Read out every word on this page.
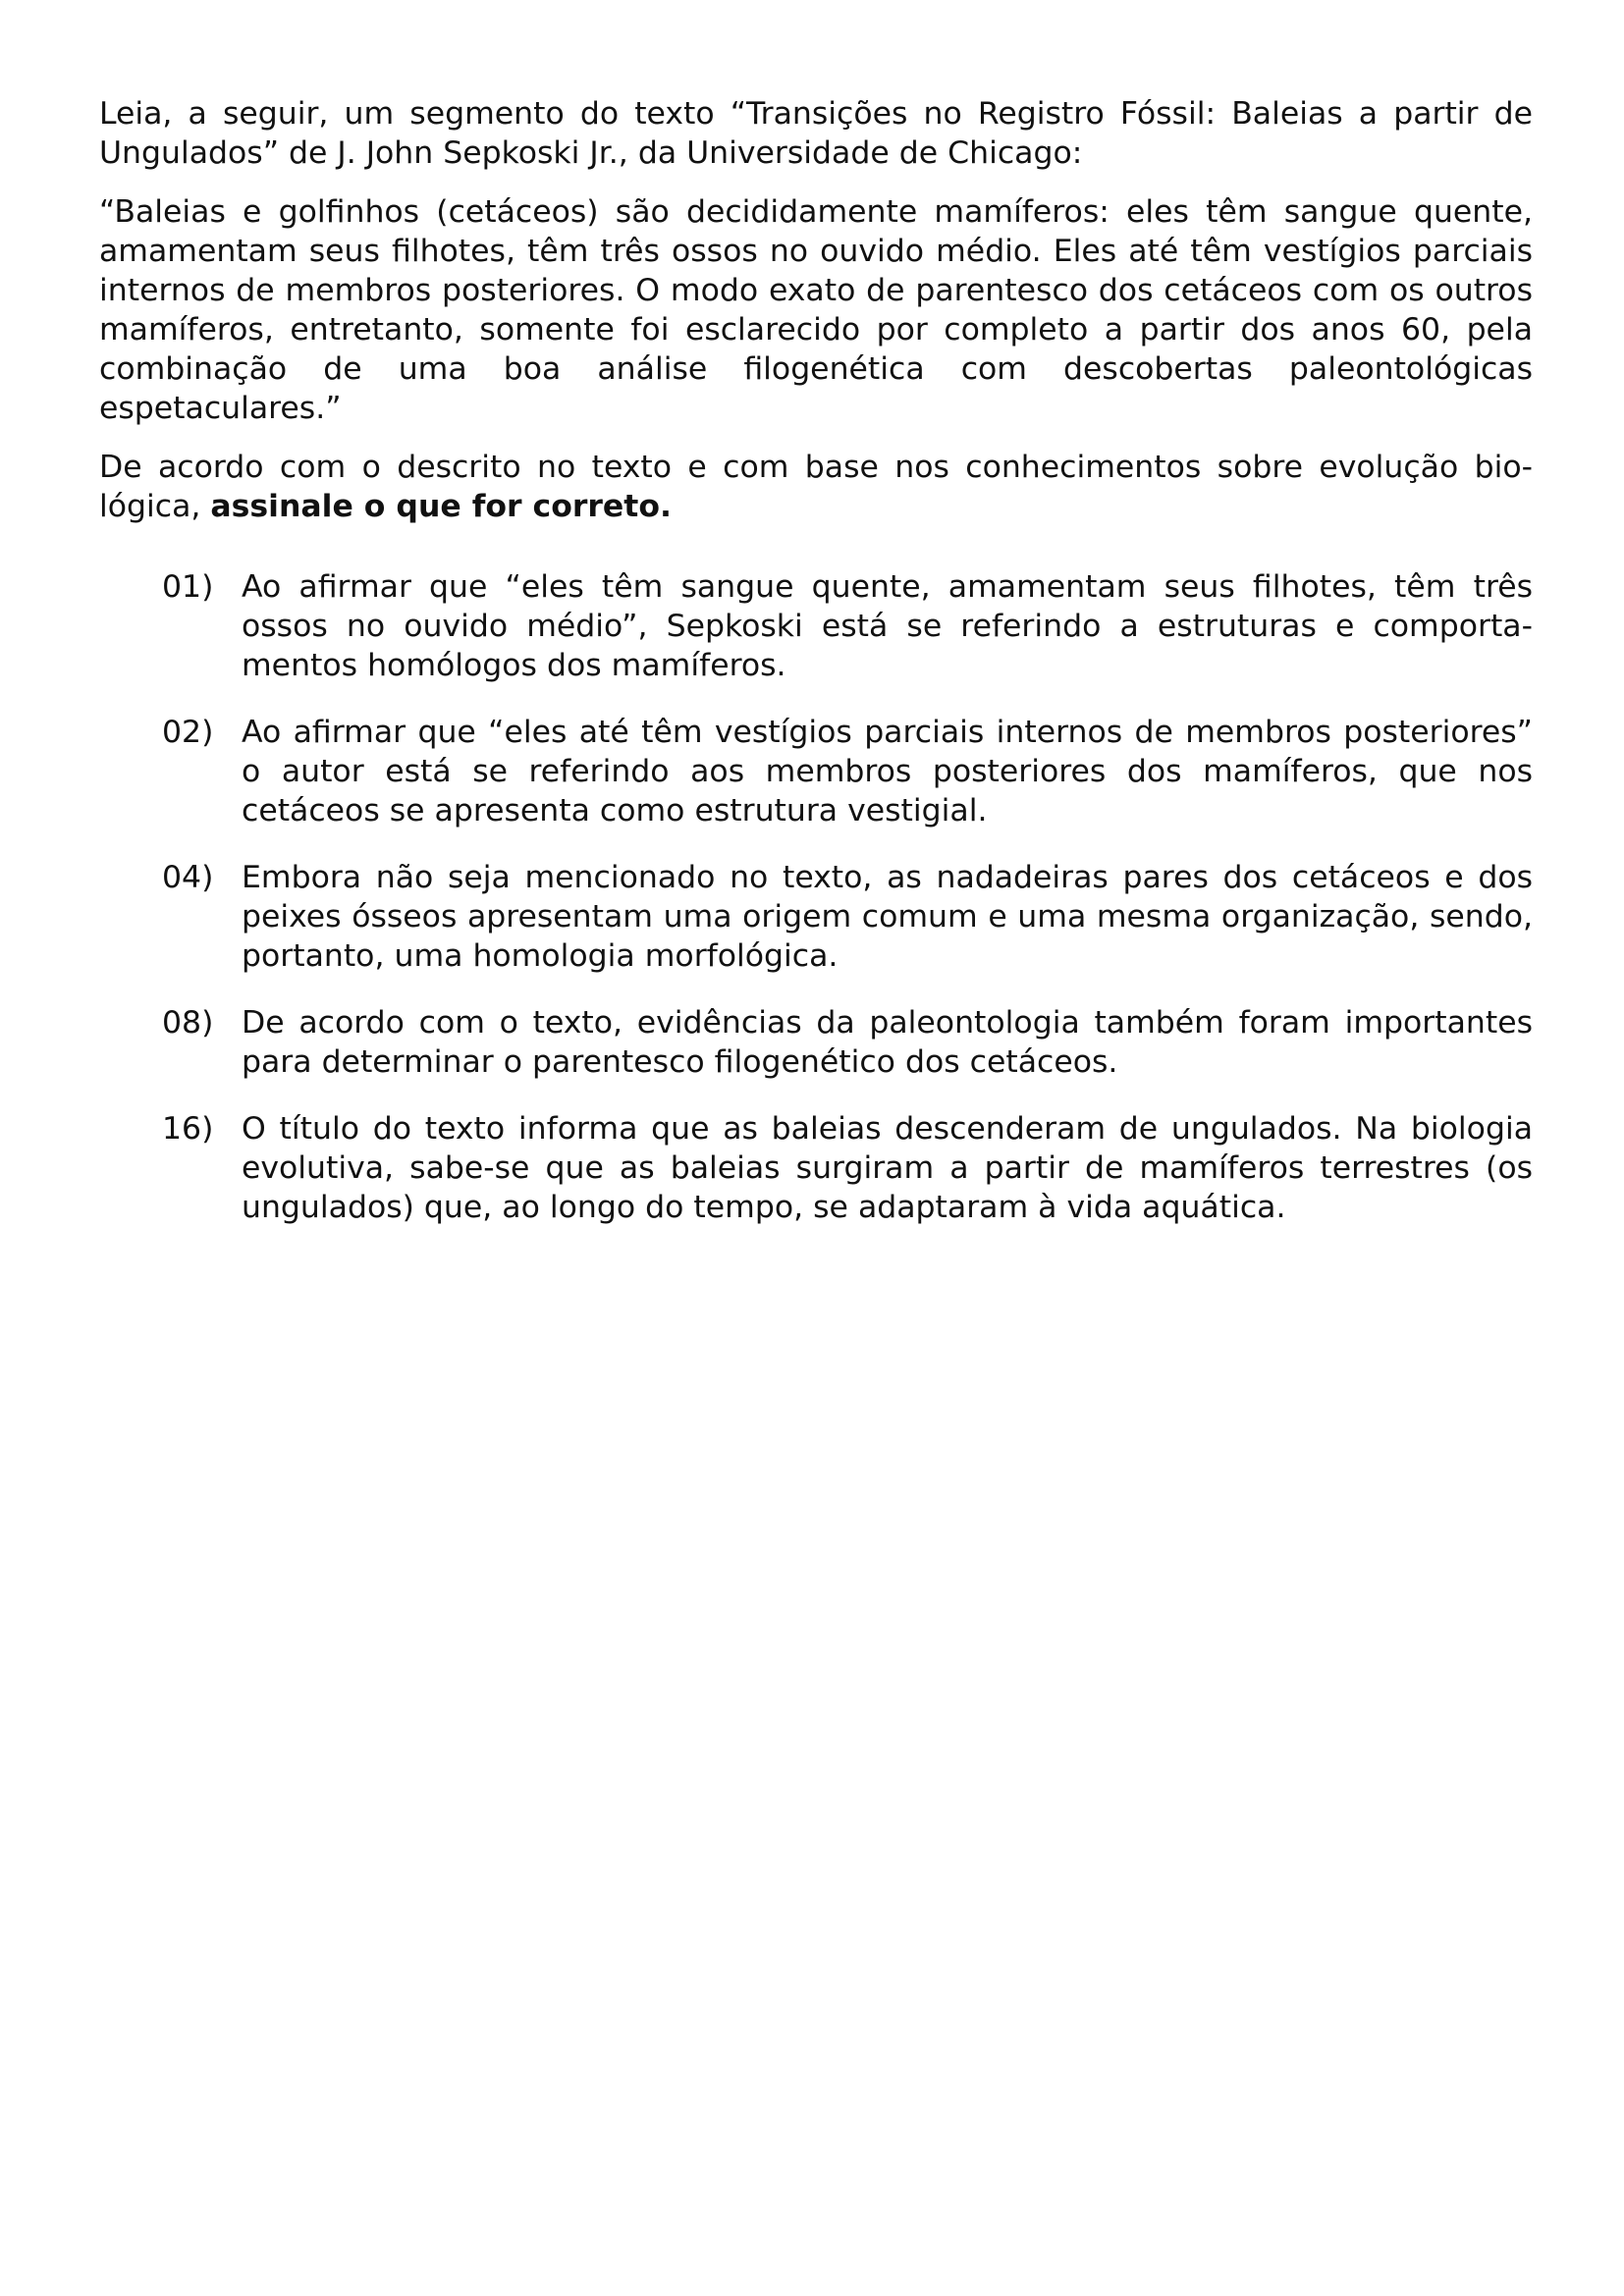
Leia, a seguir, um segmento do texto “Transições no Registro Fóssil: Baleias a partir de Ungulados” de J. John Sepkoski Jr., da Universidade de Chicago:

“Baleias e golfinhos (cetáceos) são decididamente mamíferos: eles têm sangue quente, amamentam seus filhotes, têm três ossos no ouvido médio. Eles até têm vestígios parciais internos de membros posteriores. O modo exato de parentesco dos cetáceos com os outros mamíferos, entretanto, somente foi esclarecido por completo a partir dos anos 60, pela combinação de uma boa análise filogenética com descobertas paleontológicas espetaculares.”

De acordo com o descrito no texto e com base nos conhecimentos sobre evolução biológica, assinale o que for correto.

01) Ao afirmar que “eles têm sangue quente, amamentam seus filhotes, têm três ossos no ouvido médio”, Sepkoski está se referindo a estruturas e comportamentos homólogos dos mamíferos.
02) Ao afirmar que “eles até têm vestígios parciais internos de membros posteriores” o autor está se referindo aos membros posteriores dos mamíferos, que nos cetáceos se apresenta como estrutura vestigial.
04) Embora não seja mencionado no texto, as nadadeiras pares dos cetáceos e dos peixes ósseos apresentam uma origem comum e uma mesma organização, sendo, portanto, uma homologia morfológica.
08) De acordo com o texto, evidências da paleontologia também foram importantes para determinar o parentesco filogenético dos cetáceos.
16) O título do texto informa que as baleias descenderam de ungulados. Na biologia evolutiva, sabe-se que as baleias surgiram a partir de mamíferos terrestres (os ungulados) que, ao longo do tempo, se adaptaram à vida aquática.
